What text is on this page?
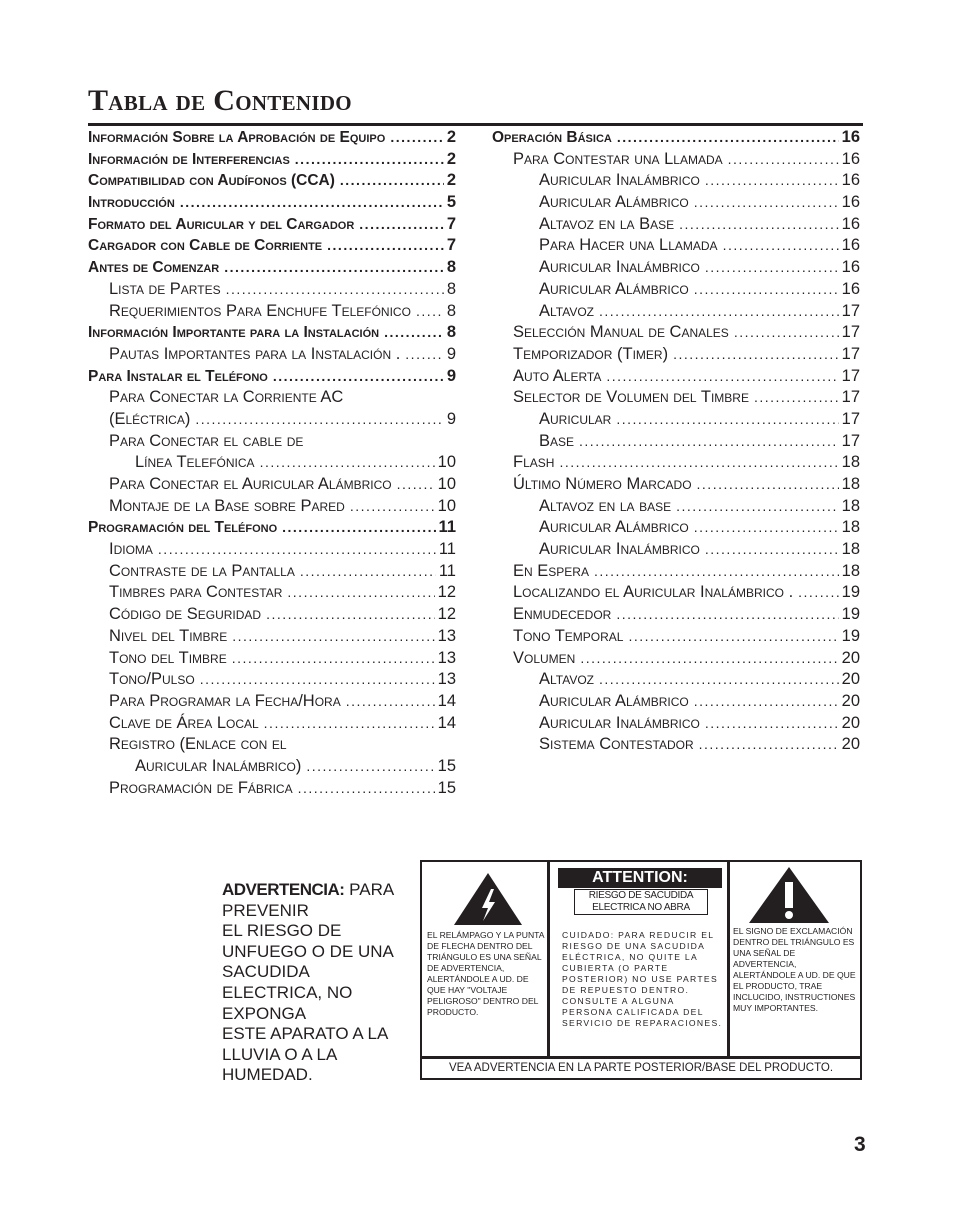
Tabla de Contenido
Información Sobre la Aprobación de Equipo .....	2
Información de Interferencias .....	2
Compatibilidad con Audífonos (CCA) .....	2
Introducción .....	5
Formato del Auricular y del Cargador .....	7
Cargador con Cable de Corriente .....	7
Antes de Comenzar .....	8
Lista de Partes .....	8
Requerimientos Para Enchufe Telefónico ..... 8
Información Importante para la Instalación .....	8
Pautas Importantes para la Instalación . .....	9
Para Instalar el Teléfono .....	9
Para Conectar la Corriente AC
(Eléctrica) .....	9
Para Conectar el cable de
Línea Telefónica .....	10
Para Conectar el Auricular Alámbrico .....	10
Montaje de la Base sobre Pared .....	10
Programación del Teléfono .....	11
Idioma .....	11
Contraste de la Pantalla .....	11
Timbres para Contestar .....	12
Código de Seguridad .....	12
Nivel del Timbre .....	13
Tono del Timbre .....	13
Tono/Pulso .....	13
Para Programar la Fecha/Hora .....	14
Clave de Área Local .....	14
Registro (Enlace con el
Auricular Inalámbrico) .....	15
Programación de Fábrica .....	15
Operación Básica .....	16
Para Contestar una Llamada .....	16
Auricular Inalámbrico .....	16
Auricular Alámbrico .....	16
Altavoz en la Base .....	16
Para Hacer una Llamada .....	16
Auricular Inalámbrico .....	16
Auricular Alámbrico .....	16
Altavoz .....	17
Selección Manual de Canales .....	17
Temporizador (Timer) .....	17
Auto Alerta .....	17
Selector de Volumen del Timbre .....	17
Auricular .....	17
Base .....	17
Flash .....	18
Último Número Marcado .....	18
Altavoz en la base .....	18
Auricular Alámbrico .....	18
Auricular Inalámbrico .....	18
En Espera .....	18
Localizando el Auricular Inalámbrico . .....	19
Enmudecedor .....	19
Tono Temporal .....	19
Volumen .....	20
Altavoz .....	20
Auricular Alámbrico .....	20
Auricular Inalámbrico .....	20
Sistema Contestador .....	20
ADVERTENCIA: PARA PREVENIR
EL RIESGO DE
UNFUEGO O DE UNA
SACUDIDA
ELECTRICA, NO
EXPONGA
ESTE APARATO A LA
LLUVIA O A LA
HUMEDAD.
EL RELÁMPAGO Y LA PUNTA DE FLECHA DENTRO DEL TRIÁNGULO ES UNA SEÑAL DE ADVERTENCIA, ALERTÁNDOLE A UD. DE QUE HAY "VOLTAJE PELIGROSO" DENTRO DEL PRODUCTO.
ATTENTION:
RIESGO DE SACUDIDA ELECTRICA NO ABRA
CUIDADO: PARA REDUCIR EL RIESGO DE UNA SACUDIDA ELÉCTRICA, NO QUITE LA CUBIERTA (O PARTE POSTERIOR) NO USE PARTES DE REPUESTO DENTRO. CONSULTE A ALGUNA PERSONA CALIFICADA DEL SERVICIO DE REPARACIONES.
EL SIGNO DE EXCLAMACIÓN DENTRO DEL TRIÁNGULO ES UNA SEÑAL DE ADVERTENCIA, ALERTÁNDOLE A UD. DE QUE EL PRODUCTO, TRAE INCLUCIDO, INSTRUCTIONES MUY IMPORTANTES.
VEA ADVERTENCIA EN LA PARTE POSTERIOR/BASE DEL PRODUCTO.
3
